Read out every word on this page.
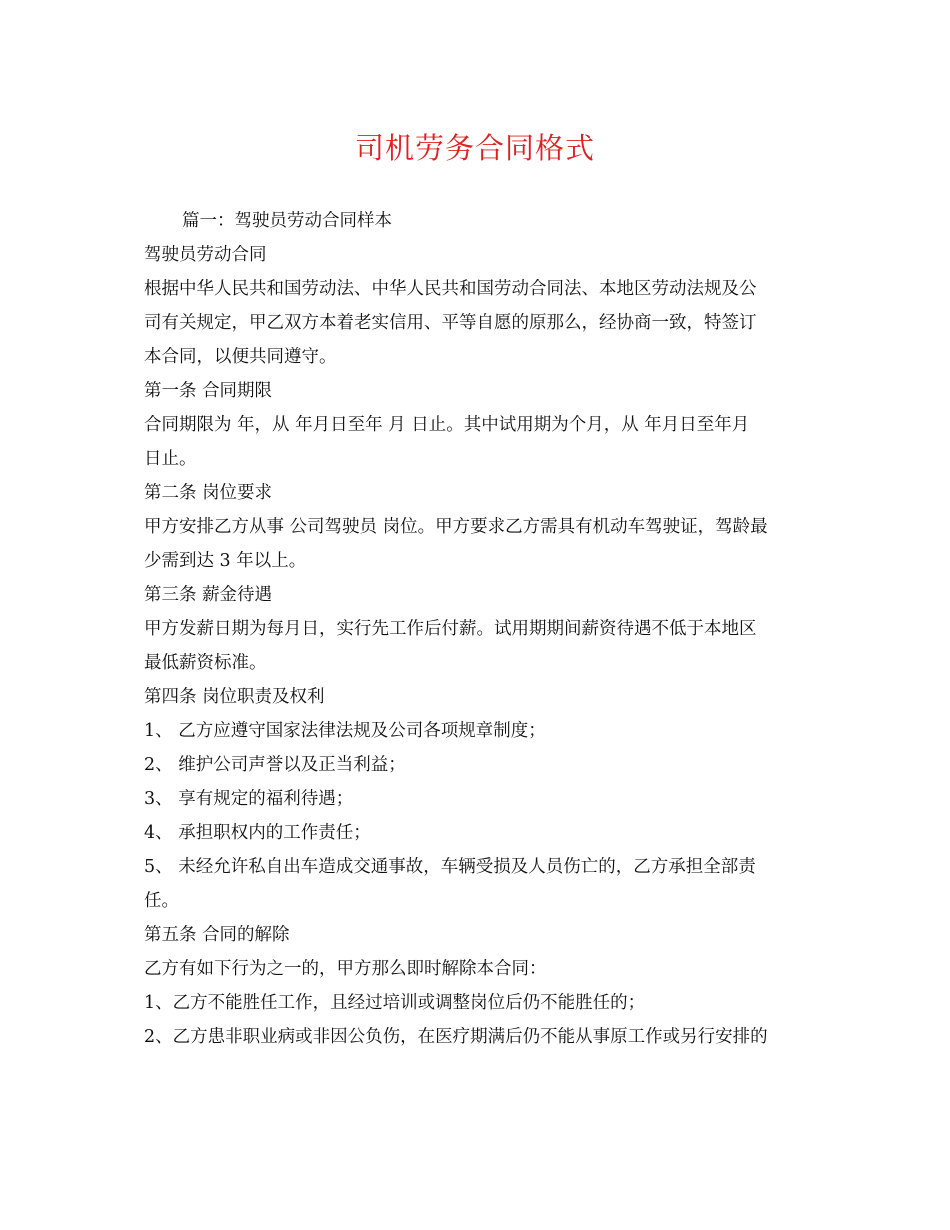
司机劳务合同格式
篇一：驾驶员劳动合同样本
驾驶员劳动合同
根据中华人民共和国劳动法、中华人民共和国劳动合同法、本地区劳动法规及公
司有关规定，甲乙双方本着老实信用、平等自愿的原那么，经协商一致，特签订
本合同，以便共同遵守。
第一条 合同期限
合同期限为 年，从 年月日至年 月 日止。其中试用期为个月，从 年月日至年月
日止。
第二条 岗位要求
甲方安排乙方从事 公司驾驶员 岗位。甲方要求乙方需具有机动车驾驶证，驾龄最
少需到达 3 年以上。
第三条 薪金待遇
甲方发薪日期为每月日，实行先工作后付薪。试用期期间薪资待遇不低于本地区
最低薪资标准。
第四条 岗位职责及权利
1、 乙方应遵守国家法律法规及公司各项规章制度；
2、 维护公司声誉以及正当利益；
3、 享有规定的福利待遇；
4、 承担职权内的工作责任；
5、 未经允许私自出车造成交通事故，车辆受损及人员伤亡的，乙方承担全部责
任。
第五条 合同的解除
乙方有如下行为之一的，甲方那么即时解除本合同：
1、乙方不能胜任工作，且经过培训或调整岗位后仍不能胜任的；
2、乙方患非职业病或非因公负伤，在医疗期满后仍不能从事原工作或另行安排的
